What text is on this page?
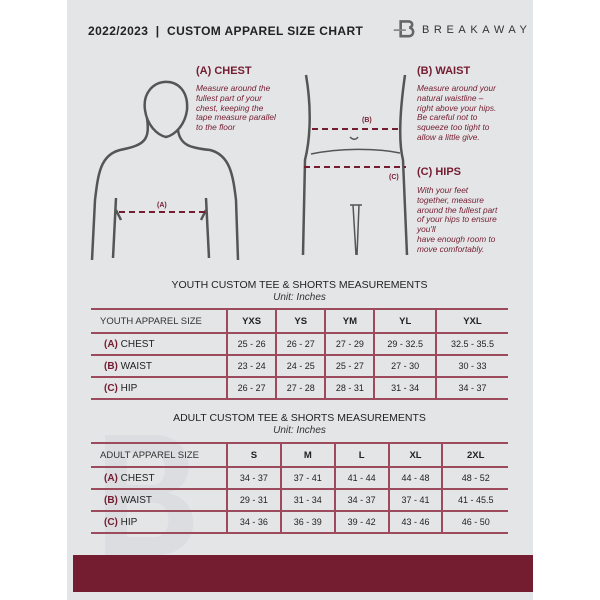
2022/2023  |  CUSTOM APPAREL SIZE CHART	BREAKAWAY
(A)
(B)
(C)
(A) CHEST
Measure around the
fullest part of your
chest, keeping the
tape measure parallel
to the floor
(B) WAIST
Measure around your
natural waistline –
right above your hips.
Be careful not to
squeeze too tight to
allow a little give.
(C) HIPS
With your feet
together, measure
around the fullest part
of your hips to ensure
you'll
have enough room to
move comfortably.
YOUTH CUSTOM TEE & SHORTS MEASUREMENTS
Unit: Inches
YOUTH APPAREL SIZE	YXS	YS	YM	YL	YXL
(A) CHEST	25 - 26	26 - 27	27 - 29	29 - 32.5	32.5 - 35.5
(B) WAIST	23 - 24	24 - 25	25 - 27	27 - 30	30 - 33
(C) HIP	26 - 27	27 - 28	28 - 31	31 - 34	34 - 37
ADULT CUSTOM TEE & SHORTS MEASUREMENTS
Unit: Inches
ADULT APPAREL SIZE	S	M	L	XL	2XL
(A) CHEST	34 - 37	37 - 41	41 - 44	44 - 48	48 - 52
(B) WAIST	29 - 31	31 - 34	34 - 37	37 - 41	41 - 45.5
(C) HIP	34 - 36	36 - 39	39 - 42	43 - 46	46 - 50
